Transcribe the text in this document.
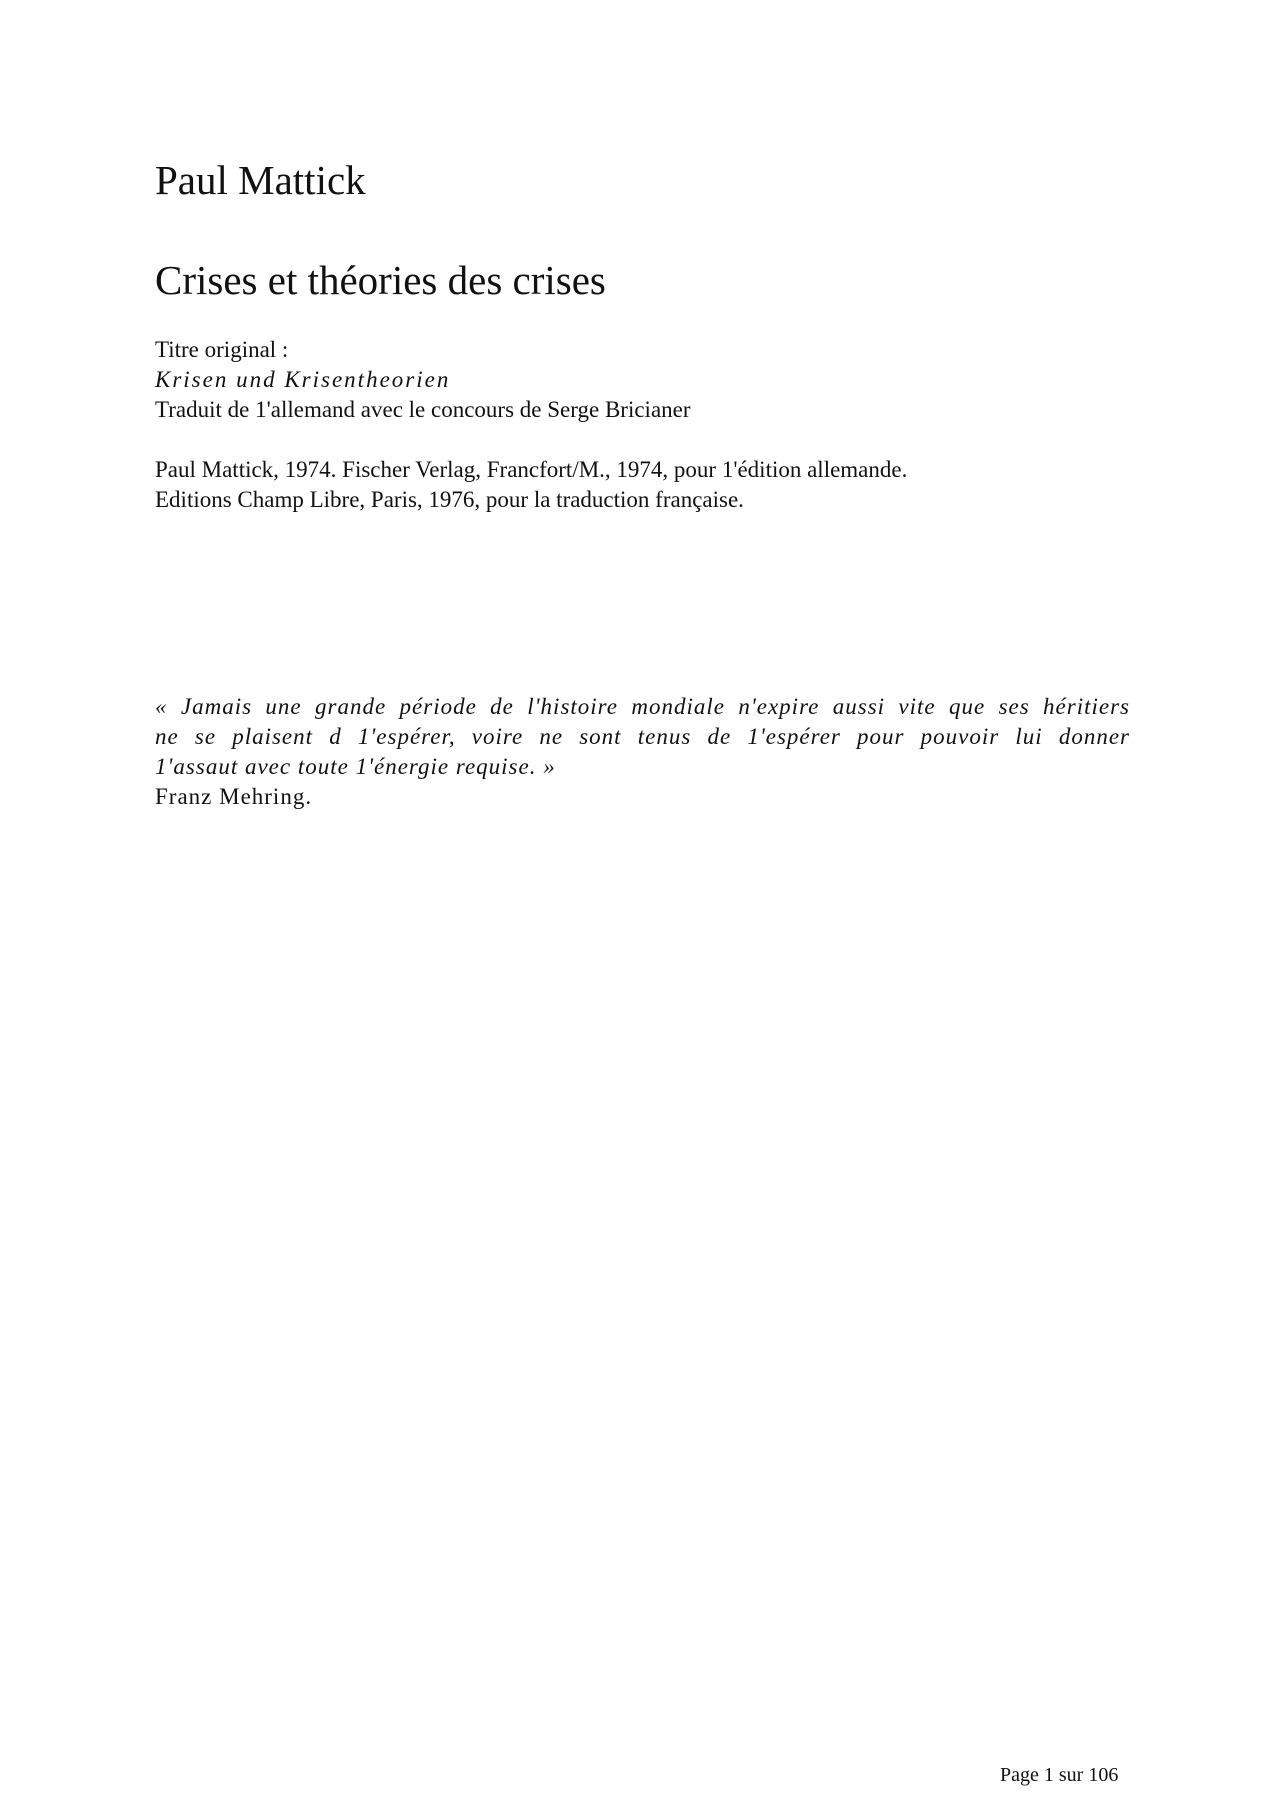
Paul Mattick
Crises et théories des crises
Titre original :
Krisen und Krisentheorien
Traduit de 1'allemand avec le concours de Serge Bricianer
Paul Mattick, 1974. Fischer Verlag, Francfort/M., 1974, pour 1'édition allemande.
Editions Champ Libre, Paris, 1976, pour la traduction française.
« Jamais une grande période de l'histoire mondiale n'expire aussi vite que ses héritiers
ne se plaisent d 1'espérer, voire ne sont tenus de 1'espérer pour pouvoir lui donner
1'assaut avec toute 1'énergie requise. »
Franz Mehring.
Page 1 sur 106
